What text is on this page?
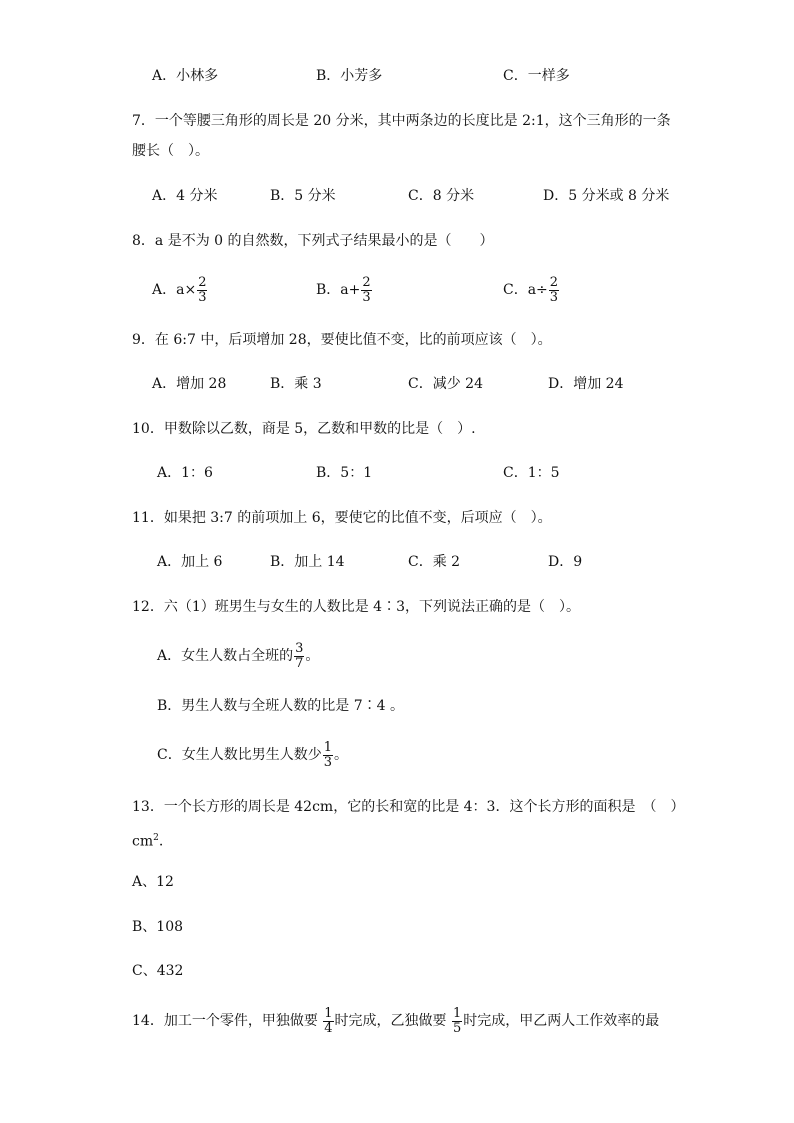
A．小林多	B．小芳多	C．一样多
7．一个等腰三角形的周长是 20 分米，其中两条边的长度比是 2:1，这个三角形的一条
腰长（　）。
A．4 分米	B．5 分米	C．8 分米	D．5 分米或 8 分米
8．a 是不为 0 的自然数，下列式子结果最小的是（　　）
A．$a\times \frac{2}{3}$	B．$a+ \frac{2}{3}$	C．$a\div \frac{2}{3}$
9．在 6:7 中，后项增加 28，要使比值不变，比的前项应该（　）。
A．增加 28	B．乘 3	C．减少 24	D．增加 24
10．甲数除以乙数，商是 5，乙数和甲数的比是（　）.
A．1：6	B．5：1	C．1：5
11．如果把 3:7 的前项加上 6，要使它的比值不变，后项应（　）。
A．加上 6	B．加上 14	C．乘 2	D．9
12．六（1）班男生与女生的人数比是 4∶3，下列说法正确的是（　）。
A．女生人数占全班的 $\frac{3}{7}$ 。
B．男生人数与全班人数的比是 7∶4 。
C．女生人数比男生人数少 $\frac{1}{3}$ 。
13．一个长方形的周长是 42cm，它的长和宽的比是 4：3．这个长方形的面积是　（　）
$cm^2$.
A、12
B、108
C、432
14．加工一个零件，甲独做要 $\frac{1}{4}$ 时完成，乙独做要 $\frac{1}{5}$ 时完成，甲乙两人工作效率的最
